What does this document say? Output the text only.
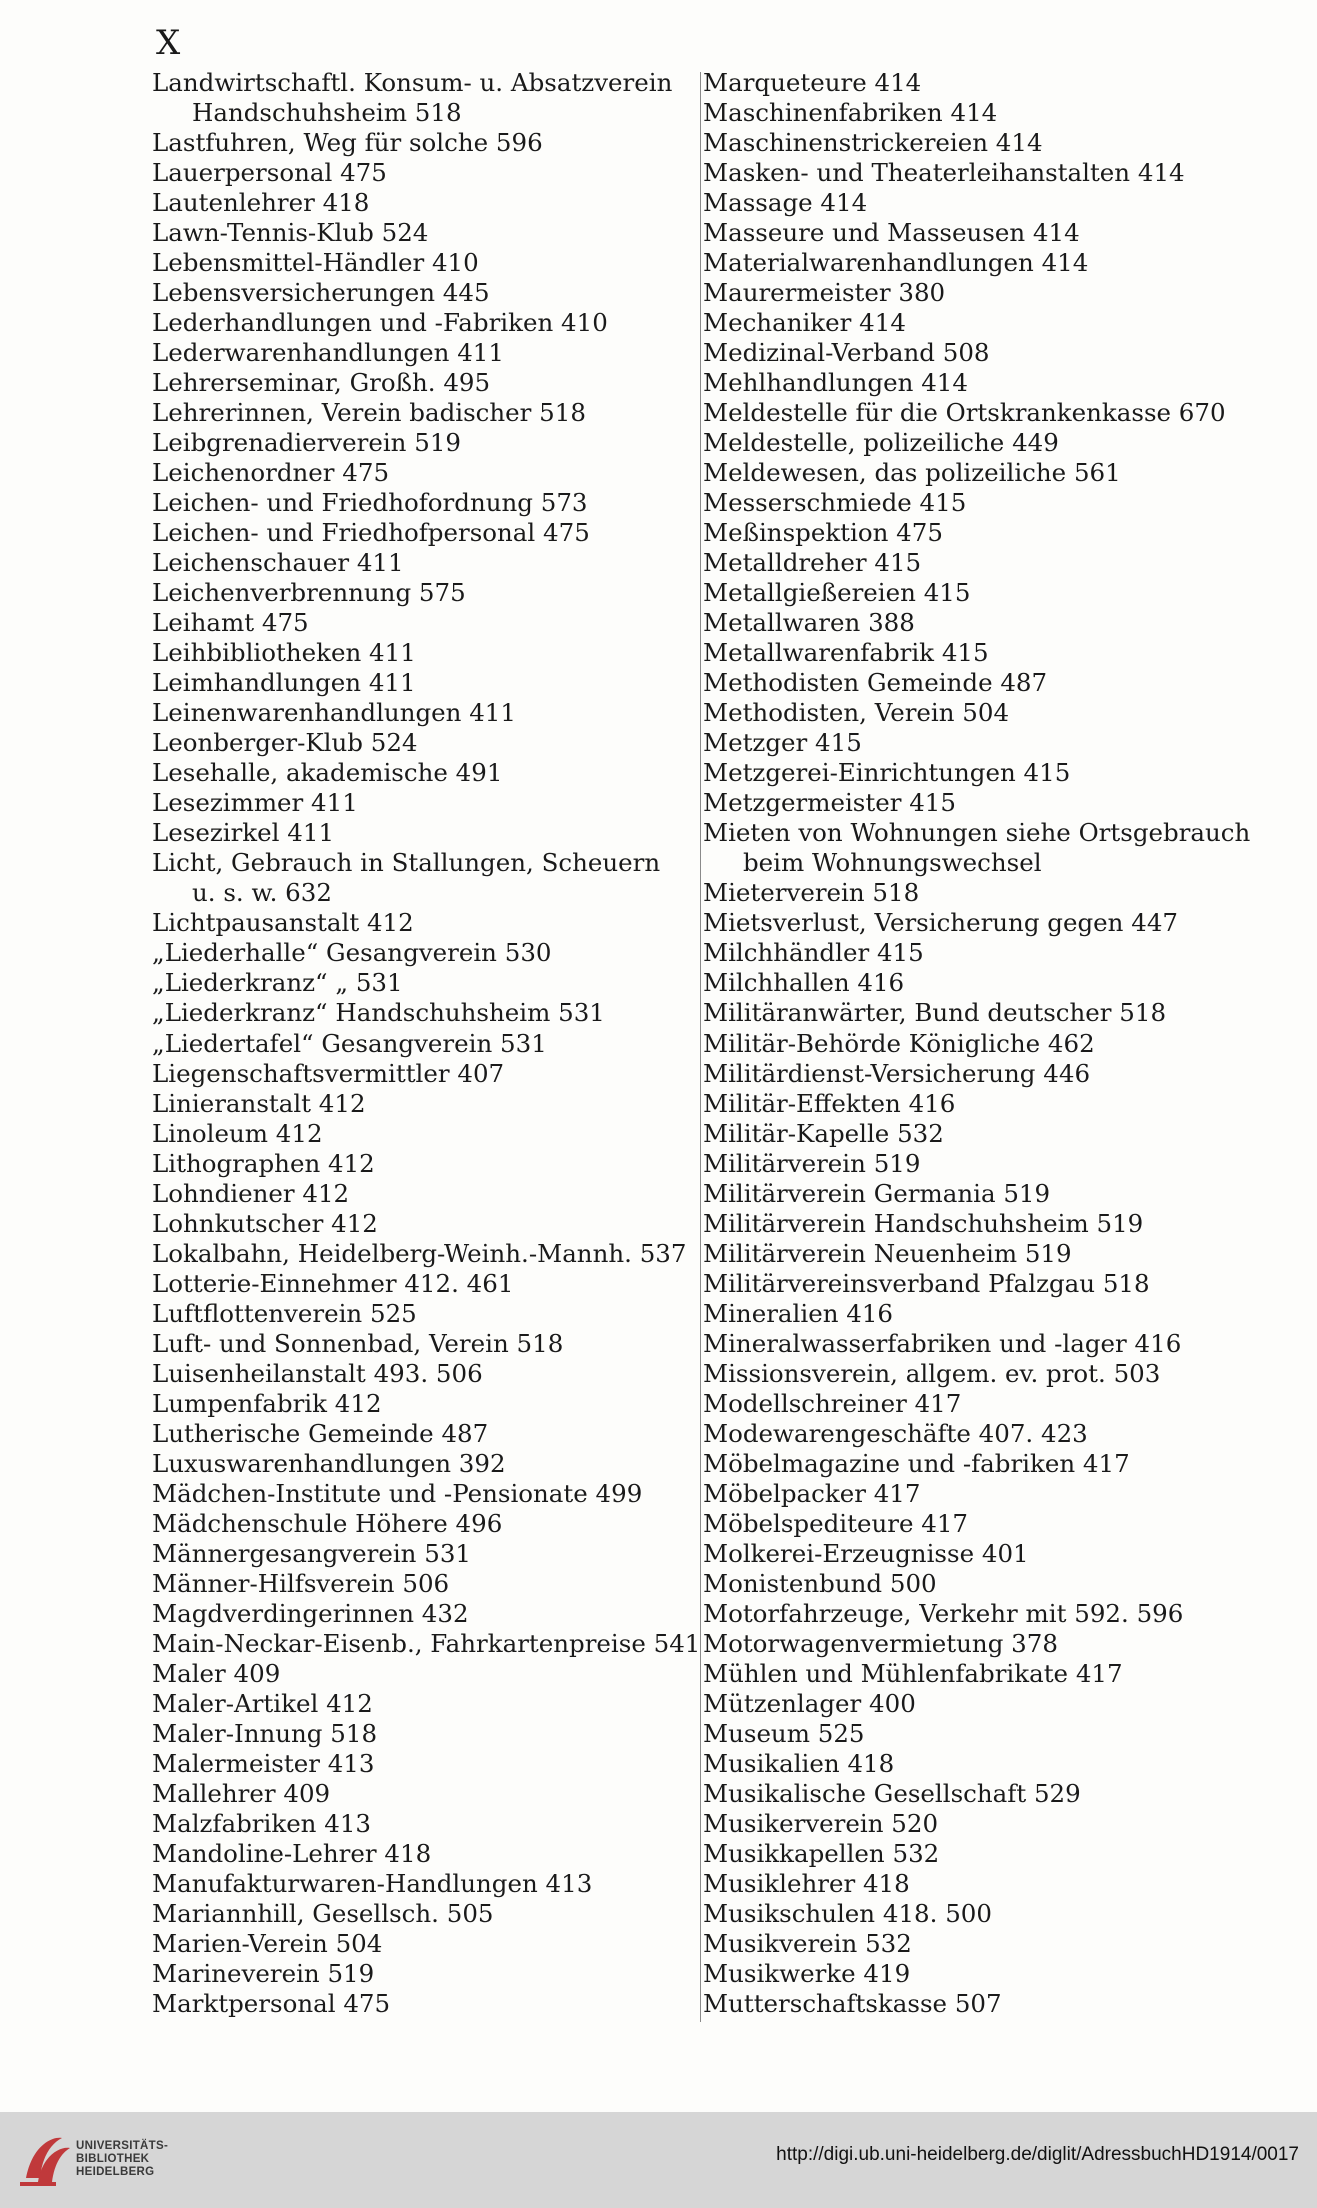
X
Landwirtschaftl. Konsum- u. Absatzverein
Handschuhsheim 518
Lastfuhren, Weg für solche 596
Lauerpersonal 475
Lautenlehrer 418
Lawn-Tennis-Klub 524
Lebensmittel-Händler 410
Lebensversicherungen 445
Lederhandlungen und -Fabriken 410
Lederwarenhandlungen 411
Lehrerseminar, Großh. 495
Lehrerinnen, Verein badischer 518
Leibgrenadierverein 519
Leichenordner 475
Leichen- und Friedhofordnung 573
Leichen- und Friedhofpersonal 475
Leichenschauer 411
Leichenverbrennung 575
Leihamt 475
Leihbibliotheken 411
Leimhandlungen 411
Leinenwarenhandlungen 411
Leonberger-Klub 524
Lesehalle, akademische 491
Lesezimmer 411
Lesezirkel 411
Licht, Gebrauch in Stallungen, Scheuern
u. s. w. 632
Lichtpausanstalt 412
„Liederhalle“ Gesangverein 530
„Liederkranz“ „ 531
„Liederkranz“ Handschuhsheim 531
„Liedertafel“ Gesangverein 531
Liegenschaftsvermittler 407
Linieranstalt 412
Linoleum 412
Lithographen 412
Lohndiener 412
Lohnkutscher 412
Lokalbahn, Heidelberg-Weinh.-Mannh. 537
Lotterie-Einnehmer 412. 461
Luftflottenverein 525
Luft- und Sonnenbad, Verein 518
Luisenheilanstalt 493. 506
Lumpenfabrik 412
Lutherische Gemeinde 487
Luxuswarenhandlungen 392
Mädchen-Institute und -Pensionate 499
Mädchenschule Höhere 496
Männergesangverein 531
Männer-Hilfsverein 506
Magdverdingerinnen 432
Main-Neckar-Eisenb., Fahrkartenpreise 541
Maler 409
Maler-Artikel 412
Maler-Innung 518
Malermeister 413
Mallehrer 409
Malzfabriken 413
Mandoline-Lehrer 418
Manufakturwaren-Handlungen 413
Mariannhill, Gesellsch. 505
Marien-Verein 504
Marineverein 519
Marktpersonal 475
Marqueteure 414
Maschinenfabriken 414
Maschinenstrickereien 414
Masken- und Theaterleihanstalten 414
Massage 414
Masseure und Masseusen 414
Materialwarenhandlungen 414
Maurermeister 380
Mechaniker 414
Medizinal-Verband 508
Mehlhandlungen 414
Meldestelle für die Ortskrankenkasse 670
Meldestelle, polizeiliche 449
Meldewesen, das polizeiliche 561
Messerschmiede 415
Meßinspektion 475
Metalldreher 415
Metallgießereien 415
Metallwaren 388
Metallwarenfabrik 415
Methodisten Gemeinde 487
Methodisten, Verein 504
Metzger 415
Metzgerei-Einrichtungen 415
Metzgermeister 415
Mieten von Wohnungen siehe Ortsgebrauch
beim Wohnungswechsel
Mieterverein 518
Mietsverlust, Versicherung gegen 447
Milchhändler 415
Milchhallen 416
Militäranwärter, Bund deutscher 518
Militär-Behörde Königliche 462
Militärdienst-Versicherung 446
Militär-Effekten 416
Militär-Kapelle 532
Militärverein 519
Militärverein Germania 519
Militärverein Handschuhsheim 519
Militärverein Neuenheim 519
Militärvereinsverband Pfalzgau 518
Mineralien 416
Mineralwasserfabriken und -lager 416
Missionsverein, allgem. ev. prot. 503
Modellschreiner 417
Modewarengeschäfte 407. 423
Möbelmagazine und -fabriken 417
Möbelpacker 417
Möbelspediteure 417
Molkerei-Erzeugnisse 401
Monistenbund 500
Motorfahrzeuge, Verkehr mit 592. 596
Motorwagenvermietung 378
Mühlen und Mühlenfabrikate 417
Mützenlager 400
Museum 525
Musikalien 418
Musikalische Gesellschaft 529
Musikerverein 520
Musikkapellen 532
Musiklehrer 418
Musikschulen 418. 500
Musikverein 532
Musikwerke 419
Mutterschaftskasse 507
UNIVERSITÄTS-
BIBLIOTHEK
HEIDELBERG
http://digi.ub.uni-heidelberg.de/diglit/AdressbuchHD1914/0017
